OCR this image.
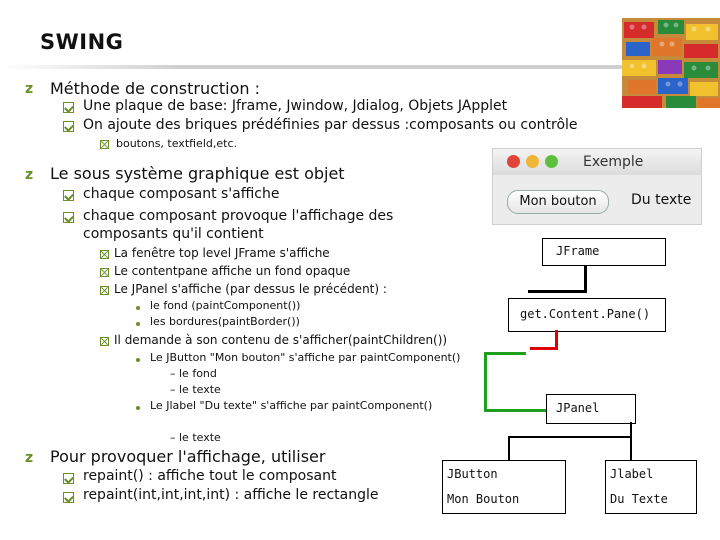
SWING
z Méthode de construction :
Une plaque de base: Jframe, Jwindow, Jdialog, Objets JApplet
On ajoute des briques prédéfinies par dessus :composants ou contrôle
boutons, textfield,etc.
Exemple
Mon bouton	Du texte
z Le sous système graphique est objet
chaque composant s'affiche
chaque composant provoque l'affichage des
composants qu'il contient
La fenêtre top level JFrame s'affiche
Le contentpane affiche un fond opaque
Le JPanel s'affiche (par dessus le précédent) :
le fond (paintComponent())
les bordures(paintBorder())
Il demande à son contenu de s'afficher(paintChildren())
Le JButton "Mon bouton" s'affiche par paintComponent()
– le fond
– le texte
Le Jlabel "Du texte" s'affiche par paintComponent()
– le texte
z Pour provoquer l'affichage, utiliser
repaint() : affiche tout le composant
repaint(int,int,int,int) : affiche le rectangle
JFrame
get.Content.Pane()
JPanel
JButton
Mon Bouton
Jlabel
Du Texte
